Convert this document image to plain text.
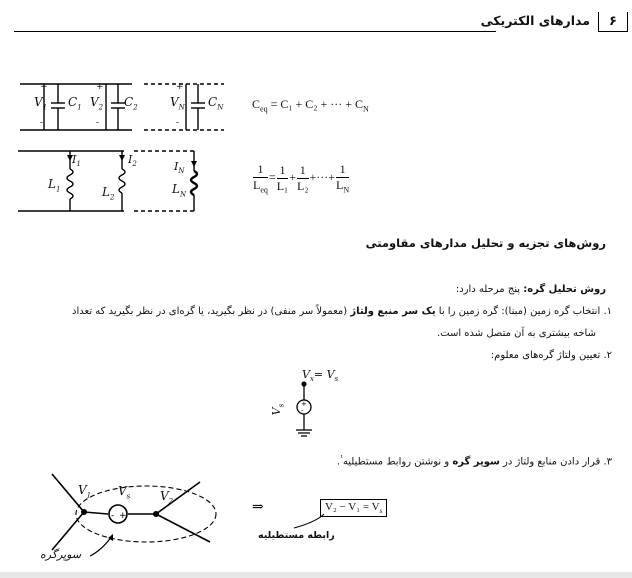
مدارهای الکتریکی	۶
+
-
$V_1$ $C_1$
+
-
$V_2$ $C_2$
+
-
$V_N$ $C_N$ $C_{eq} = C_1 + C_2$ + ··· + $C_N$
$I_1$
$L_1$
$I_2$
$L_2$
$I_N$
$L_N$	$\frac{1}{L_{eq}} = \frac{1}{\text{L₁}} + \frac{1}{\text{L₂}}$ +···+ $\frac{1}{L_N}$
روش‌های تجزیه و تحلیل مدارهای مقاومتی
روش تحلیل گره: پنج مرحله دارد:
۱. انتخاب گره زمین (مبنا): گره زمین را با یک سر منبع ولتاژ (معمولاً سر منفی) در نظر بگیرید، یا گره‌ای در نظر بگیرید که تعداد
شاخه بیشتری به آن متصل شده است.
۲. تعیین ولتاژ گره‌های معلوم:
+
-
$V_x= V_s$
$V_s$
۳. قرار دادن منابع ولتاژ در سوپر گره و نوشتن روابط مستطیلیه$^{^1}$.
- +
$V_1$ $V_s$ $V_2$
سوپرگره
⇒	$V_2 - V_1 = V_s$
رابطه مستطیلیه
